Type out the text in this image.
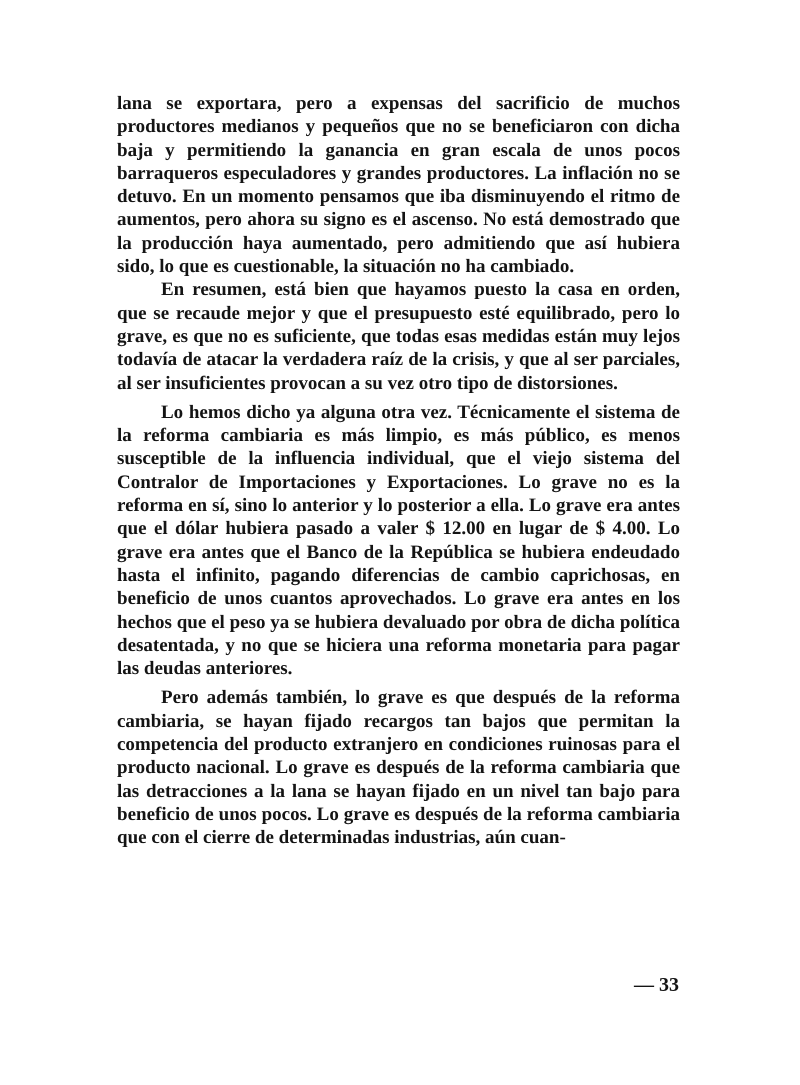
lana se exportara, pero a expensas del sacrificio de muchos productores medianos y pequeños que no se beneficiaron con dicha baja y permitiendo la ganancia en gran escala de unos pocos barraqueros especuladores y grandes productores. La inflación no se detuvo. En un momento pensamos que iba disminuyendo el ritmo de aumentos, pero ahora su signo es el ascenso. No está demostrado que la producción haya aumentado, pero admitiendo que así hubiera sido, lo que es cuestionable, la situación no ha cambiado.

En resumen, está bien que hayamos puesto la casa en orden, que se recaude mejor y que el presupuesto esté equilibrado, pero lo grave, es que no es suficiente, que todas esas medidas están muy lejos todavía de atacar la verdadera raíz de la crisis, y que al ser parciales, al ser insuficientes provocan a su vez otro tipo de distorsiones.

Lo hemos dicho ya alguna otra vez. Técnicamente el sistema de la reforma cambiaria es más limpio, es más público, es menos susceptible de la influencia individual, que el viejo sistema del Contralor de Importaciones y Exportaciones. Lo grave no es la reforma en sí, sino lo anterior y lo posterior a ella. Lo grave era antes que el dólar hubiera pasado a valer $ 12.00 en lugar de $ 4.00. Lo grave era antes que el Banco de la República se hubiera endeudado hasta el infinito, pagando diferencias de cambio caprichosas, en beneficio de unos cuantos aprovechados. Lo grave era antes en los hechos que el peso ya se hubiera devaluado por obra de dicha política desatentada, y no que se hiciera una reforma monetaria para pagar las deudas anteriores.

Pero además también, lo grave es que después de la reforma cambiaria, se hayan fijado recargos tan bajos que permitan la competencia del producto extranjero en condiciones ruinosas para el producto nacional. Lo grave es después de la reforma cambiaria que las detracciones a la lana se hayan fijado en un nivel tan bajo para beneficio de unos pocos. Lo grave es después de la reforma cambiaria que con el cierre de determinadas industrias, aún cuan-

— 33
